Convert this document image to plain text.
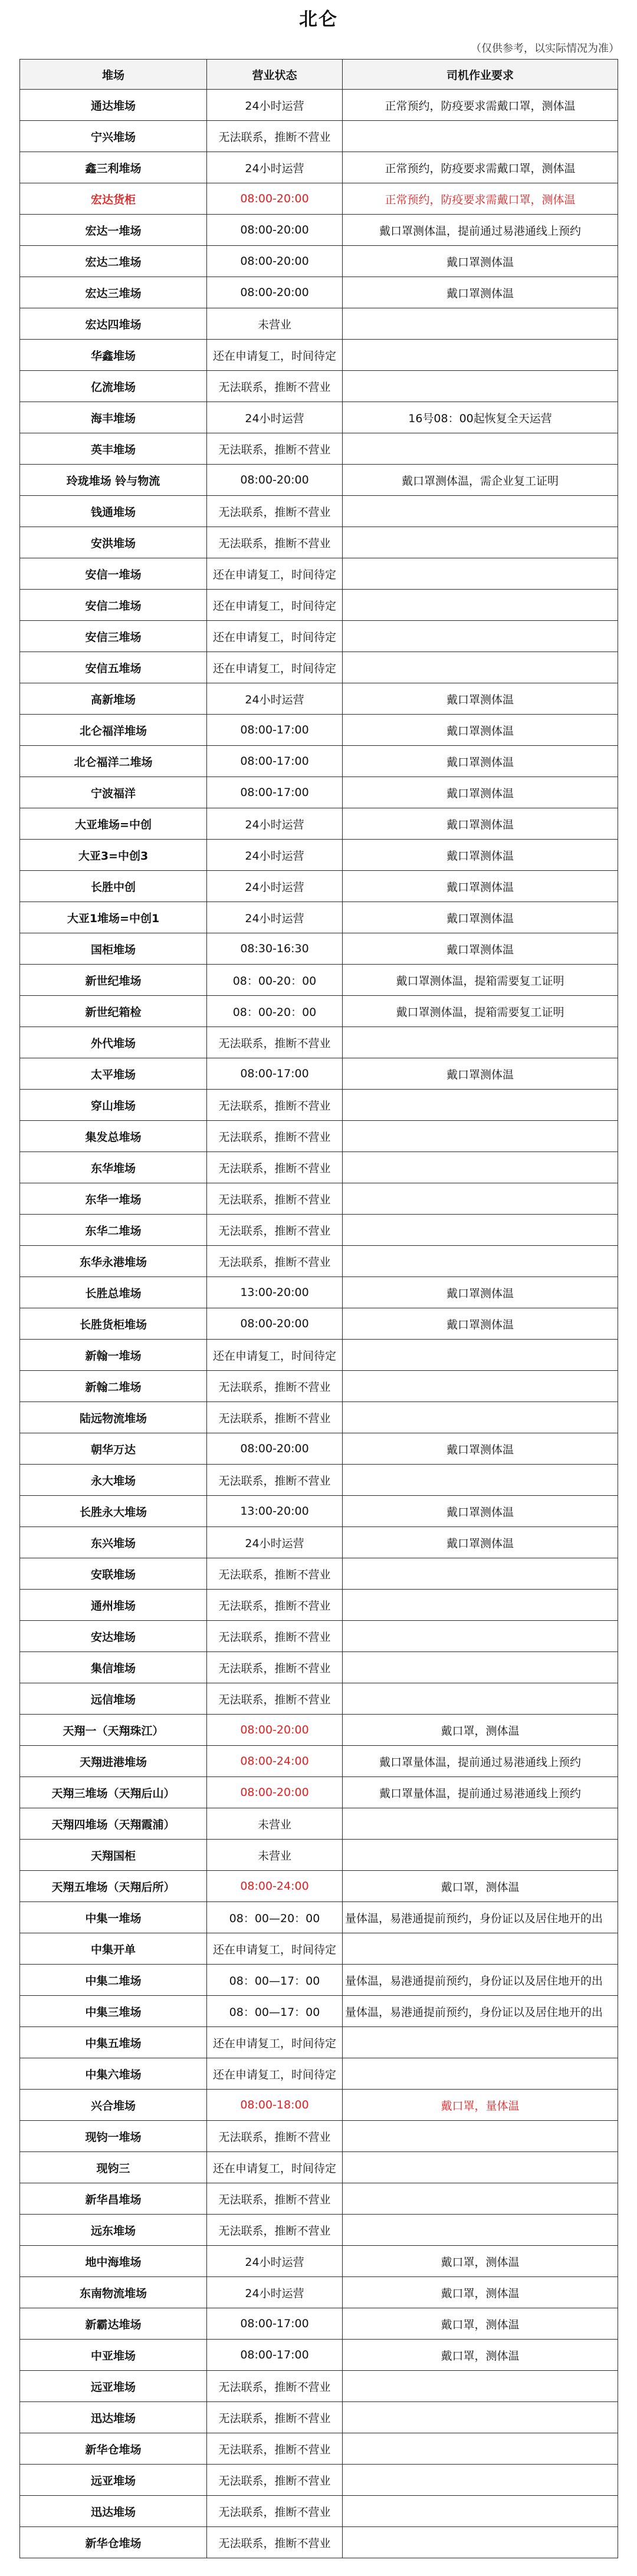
北仑
（仅供参考，以实际情况为准）
堆场	营业状态	司机作业要求
通达堆场	24小时运营	正常预约，防疫要求需戴口罩，测体温
宁兴堆场	无法联系，推断不营业	
鑫三利堆场	24小时运营	正常预约，防疫要求需戴口罩，测体温
宏达货柜	08:00-20:00	正常预约，防疫要求需戴口罩，测体温
宏达一堆场	08:00-20:00	戴口罩测体温，提前通过易港通线上预约
宏达二堆场	08:00-20:00	戴口罩测体温
宏达三堆场	08:00-20:00	戴口罩测体温
宏达四堆场	未营业	
华鑫堆场	还在申请复工，时间待定	
亿流堆场	无法联系，推断不营业	
海丰堆场	24小时运营	16号08：00起恢复全天运营
英丰堆场	无法联系，推断不营业	
玲珑堆场 铃与物流	08:00-20:00	戴口罩测体温，需企业复工证明
钱通堆场	无法联系，推断不营业	
安洪堆场	无法联系，推断不营业	
安信一堆场	还在申请复工，时间待定	
安信二堆场	还在申请复工，时间待定	
安信三堆场	还在申请复工，时间待定	
安信五堆场	还在申请复工，时间待定	
高新堆场	24小时运营	戴口罩测体温
北仑福洋堆场	08:00-17:00	戴口罩测体温
北仑福洋二堆场	08:00-17:00	戴口罩测体温
宁波福洋	08:00-17:00	戴口罩测体温
大亚堆场=中创	24小时运营	戴口罩测体温
大亚3=中创3	24小时运营	戴口罩测体温
长胜中创	24小时运营	戴口罩测体温
大亚1堆场=中创1	24小时运营	戴口罩测体温
国柜堆场	08:30-16:30	戴口罩测体温
新世纪堆场	08：00-20：00	戴口罩测体温，提箱需要复工证明
新世纪箱检	08：00-20：00	戴口罩测体温，提箱需要复工证明
外代堆场	无法联系，推断不营业	
太平堆场	08:00-17:00	戴口罩测体温
穿山堆场	无法联系，推断不营业	
集发总堆场	无法联系，推断不营业	
东华堆场	无法联系，推断不营业	
东华一堆场	无法联系，推断不营业	
东华二堆场	无法联系，推断不营业	
东华永港堆场	无法联系，推断不营业	
长胜总堆场	13:00-20:00	戴口罩测体温
长胜货柜堆场	08:00-20:00	戴口罩测体温
新翰一堆场	还在申请复工，时间待定	
新翰二堆场	无法联系，推断不营业	
陆远物流堆场	无法联系，推断不营业	
朝华万达	08:00-20:00	戴口罩测体温
永大堆场	无法联系，推断不营业	
长胜永大堆场	13:00-20:00	戴口罩测体温
东兴堆场	24小时运营	戴口罩测体温
安联堆场	无法联系，推断不营业	
通州堆场	无法联系，推断不营业	
安达堆场	无法联系，推断不营业	
集信堆场	无法联系，推断不营业	
远信堆场	无法联系，推断不营业	
天翔一（天翔珠江）	08:00-20:00	戴口罩，测体温
天翔进港堆场	08:00-24:00	戴口罩量体温，提前通过易港通线上预约
天翔三堆场（天翔后山）	08:00-20:00	戴口罩量体温，提前通过易港通线上预约
天翔四堆场（天翔霞浦）	未营业	
天翔国柜	未营业	
天翔五堆场（天翔后所）	08:00-24:00	戴口罩，测体温
中集一堆场	08：00—20：00	量体温，易港通提前预约，身份证以及居住地开的出
中集开单	还在申请复工，时间待定	
中集二堆场	08：00—17：00	量体温，易港通提前预约，身份证以及居住地开的出
中集三堆场	08：00—17：00	量体温，易港通提前预约，身份证以及居住地开的出
中集五堆场	还在申请复工，时间待定	
中集六堆场	还在申请复工，时间待定	
兴合堆场	08:00-18:00	戴口罩，量体温
现钧一堆场	无法联系，推断不营业	
现钧三	还在申请复工，时间待定	
新华昌堆场	无法联系，推断不营业	
远东堆场	无法联系，推断不营业	
地中海堆场	24小时运营	戴口罩，测体温
东南物流堆场	24小时运营	戴口罩，测体温
新霸达堆场	08:00-17:00	戴口罩，测体温
中亚堆场	08:00-17:00	戴口罩，测体温
远亚堆场	无法联系，推断不营业	
迅达堆场	无法联系，推断不营业	
新华仓堆场	无法联系，推断不营业	
远亚堆场	无法联系，推断不营业	
迅达堆场	无法联系，推断不营业	
新华仓堆场	无法联系，推断不营业	
